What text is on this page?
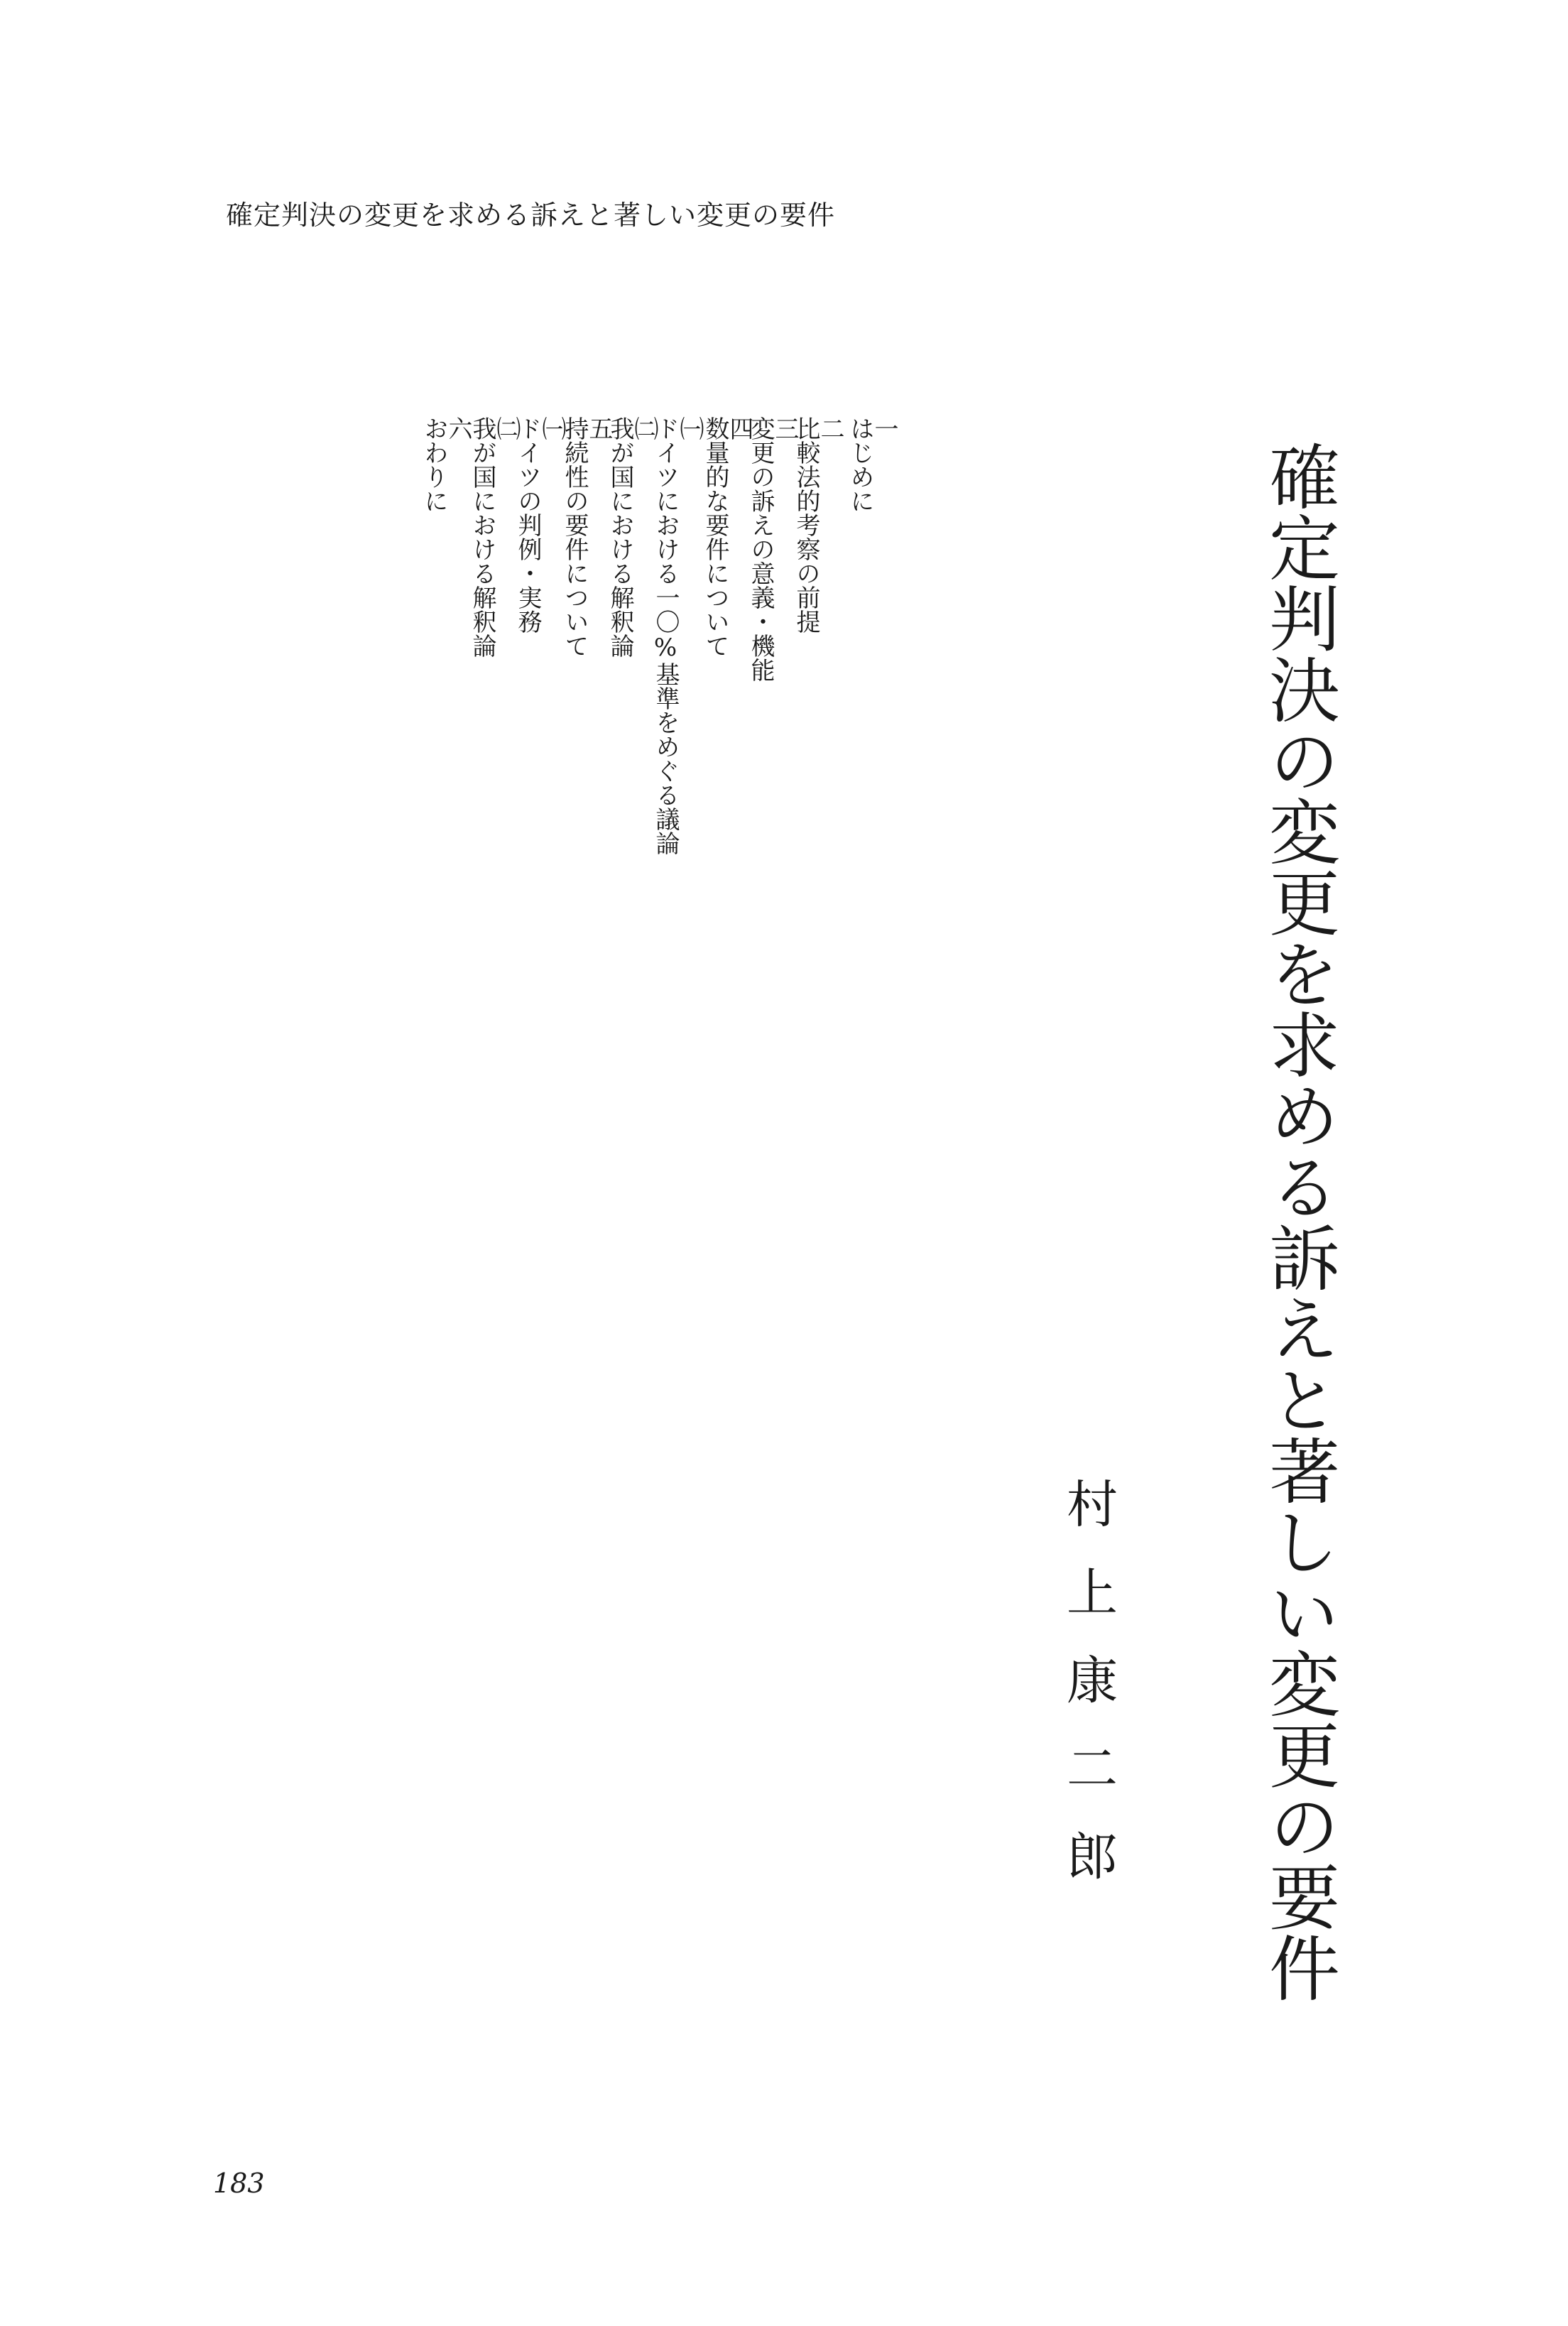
確定判決の変更を求める訴えと著しい変更の要件
確定判決の変更を求める訴えと著しい変更の要件
村上康二郎
一
はじめに
二
比較法的考察の前提
三
変更の訴えの意義・機能
四
数量的な要件について
㈠
ドイツにおける一〇%基準をめぐる議論
㈡
我が国における解釈論
五
持続性の要件について
㈠
ドイツの判例・実務
㈡
我が国における解釈論
六
おわりに
183
